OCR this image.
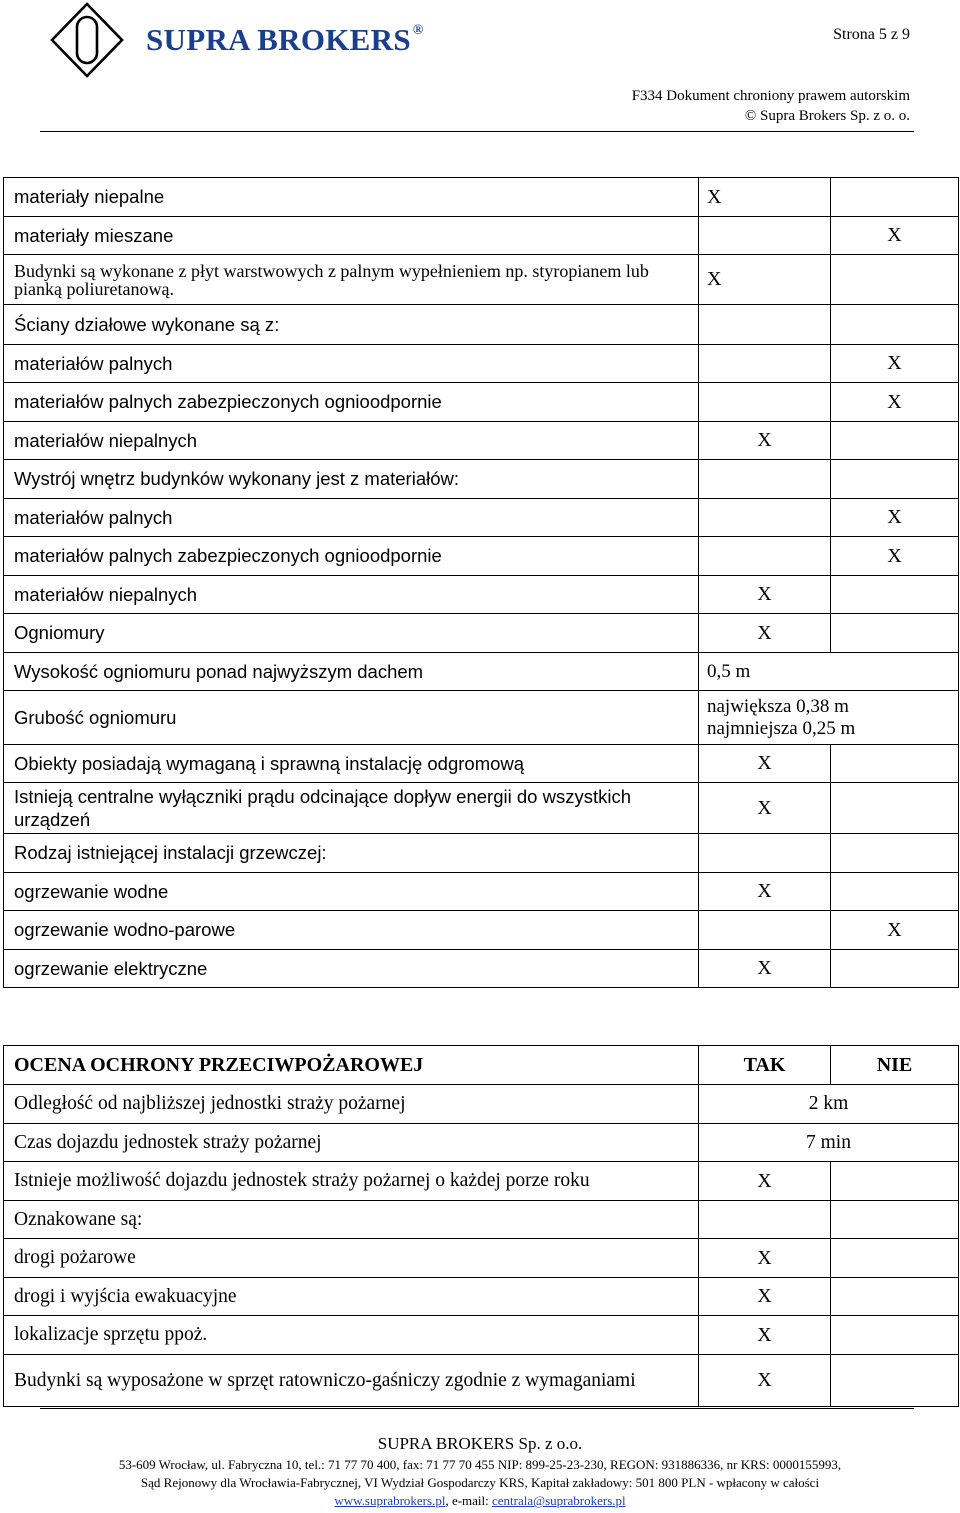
SUPRA BROKERS ®	Strona 5 z 9
F334 Dokument chroniony prawem autorskim
© Supra Brokers Sp. z o. o.
materiały niepalne	X	
materiały mieszane		X
Budynki są wykonane z płyt warstwowych z palnym wypełnieniem np. styropianem lub pianką poliuretanową.	X	
Ściany działowe wykonane są z:		
materiałów palnych		X
materiałów palnych zabezpieczonych ognioodpornie		X
materiałów niepalnych	X	
Wystrój wnętrz budynków wykonany jest z materiałów:		
materiałów palnych		X
materiałów palnych zabezpieczonych ognioodpornie		X
materiałów niepalnych	X	
Ogniomury	X	
Wysokość ogniomuru ponad najwyższym dachem	0,5 m	
Grubość ogniomuru	największa 0,38 m
najmniejsza 0,25 m	

Obiekty posiadają wymaganą i sprawną instalację odgromową	X	
Istnieją centralne wyłączniki prądu odcinające dopływ energii do wszystkich urządzeń	X	
Rodzaj istniejącej instalacji grzewczej:		
ogrzewanie wodne	X	
ogrzewanie wodno-parowe		X
ogrzewanie elektryczne	X	
OCENA OCHRONY PRZECIWPOŻAROWEJ	TAK	NIE
Odległość od najbliższej jednostki straży pożarnej	2 km	
Czas dojazdu jednostek straży pożarnej	7 min	
Istnieje możliwość dojazdu jednostek straży pożarnej o każdej porze roku	X	
Oznakowane są:		
drogi pożarowe	X	
drogi i wyjścia ewakuacyjne	X	
lokalizacje sprzętu ppoż.	X	
Budynki są wyposażone w sprzęt ratowniczo-gaśniczy zgodnie z wymaganiami	X	
SUPRA BROKERS Sp. z o.o.
53-609 Wrocław, ul. Fabryczna 10, tel.: 71 77 70 400, fax: 71 77 70 455 NIP: 899-25-23-230, REGON: 931886336, nr KRS: 0000155993,
Sąd Rejonowy dla Wrocławia-Fabrycznej, VI Wydział Gospodarczy KRS, Kapitał zakładowy: 501 800 PLN - wpłacony w całości
www.suprabrokers.pl, e-mail: centrala@suprabrokers.pl
